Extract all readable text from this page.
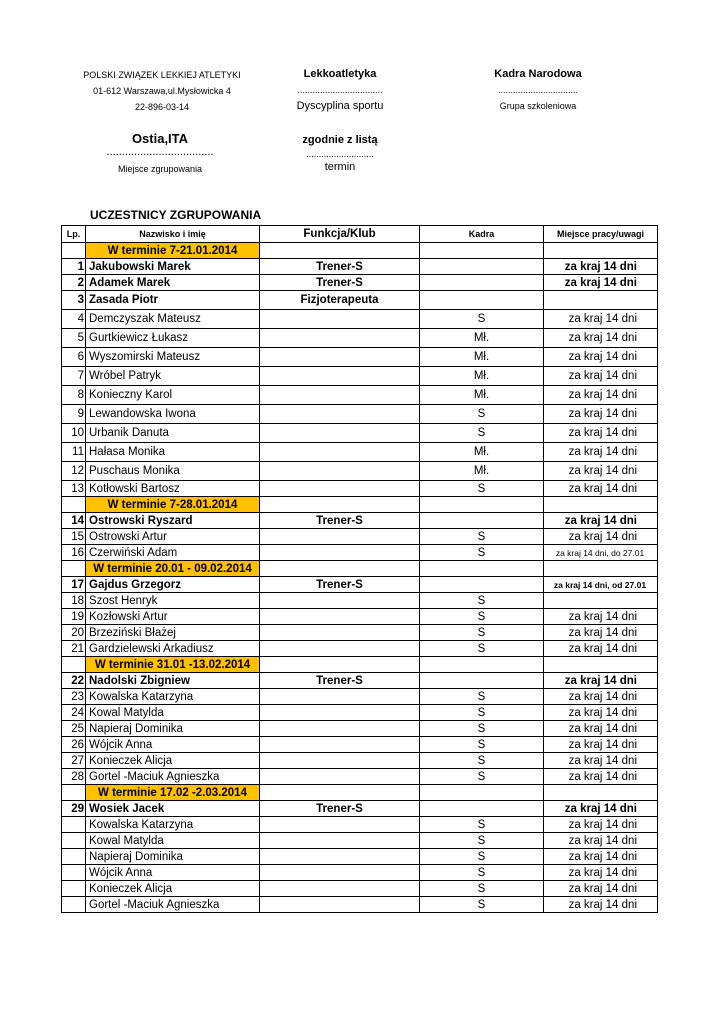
POLSKI ZWIĄZEK LEKKIEJ ATLETYKI
01-612 Warszawa,ul.Mysłowicka 4
22-896-03-14
Lekkoatletyka
..................................
Dyscyplina sportu
Kadra Narodowa
................................
Grupa szkoleniowa
Ostia,ITA
...................................
Miejsce zgrupowania
zgodnie z listą
...........................
termin
UCZESTNICY ZGRUPOWANIA
Lp.	Nazwisko i imię	Funkcja/Klub	Kadra	Miejsce pracy/uwagi
	W terminie 7-21.01.2014			
1	Jakubowski Marek	Trener-S		za kraj 14 dni
2	Adamek Marek	Trener-S		za kraj 14 dni
3	Zasada Piotr	Fizjoterapeuta		
4	Demczyszak Mateusz		S	za kraj 14 dni
5	Gurtkiewicz Łukasz		Mł.	za kraj 14 dni
6	Wyszomirski Mateusz		Mł.	za kraj 14 dni
7	Wróbel Patryk		Mł.	za kraj 14 dni
8	Konieczny Karol		Mł.	za kraj 14 dni
9	Lewandowska Iwona		S	za kraj 14 dni
10	Urbanik Danuta		S	za kraj 14 dni
11	Hałasa Monika		Mł.	za kraj 14 dni
12	Puschaus Monika		Mł.	za kraj 14 dni
13	Kotłowski Bartosz		S	za kraj 14 dni
	W terminie 7-28.01.2014			
14	Ostrowski Ryszard	Trener-S		za kraj 14 dni
15	Ostrowski Artur		S	za kraj 14 dni
16	Czerwiński Adam		S	za kraj 14 dni, do 27.01
	W terminie 20.01 - 09.02.2014			
17	Gajdus Grzegorz	Trener-S		za kraj 14 dni, od 27.01
18	Szost Henryk		S	
19	Kozłowski Artur		S	za kraj 14 dni
20	Brzeziński Błażej		S	za kraj 14 dni
21	Gardzielewski Arkadiusz		S	za kraj 14 dni
	W terminie 31.01 -13.02.2014			
22	Nadolski Zbigniew	Trener-S		za kraj 14 dni
23	Kowalska Katarzyna		S	za kraj 14 dni
24	Kowal Matylda		S	za kraj 14 dni
25	Napieraj Dominika		S	za kraj 14 dni
26	Wójcik Anna		S	za kraj 14 dni
27	Konieczek Alicja		S	za kraj 14 dni
28	Gortel -Maciuk Agnieszka		S	za kraj 14 dni
	W terminie 17.02 -2.03.2014			
29	Wosiek Jacek	Trener-S		za kraj 14 dni
	Kowalska Katarzyna		S	za kraj 14 dni
	Kowal Matylda		S	za kraj 14 dni
	Napieraj Dominika		S	za kraj 14 dni
	Wójcik Anna		S	za kraj 14 dni
	Konieczek Alicja		S	za kraj 14 dni
	Gortel -Maciuk Agnieszka		S	za kraj 14 dni
